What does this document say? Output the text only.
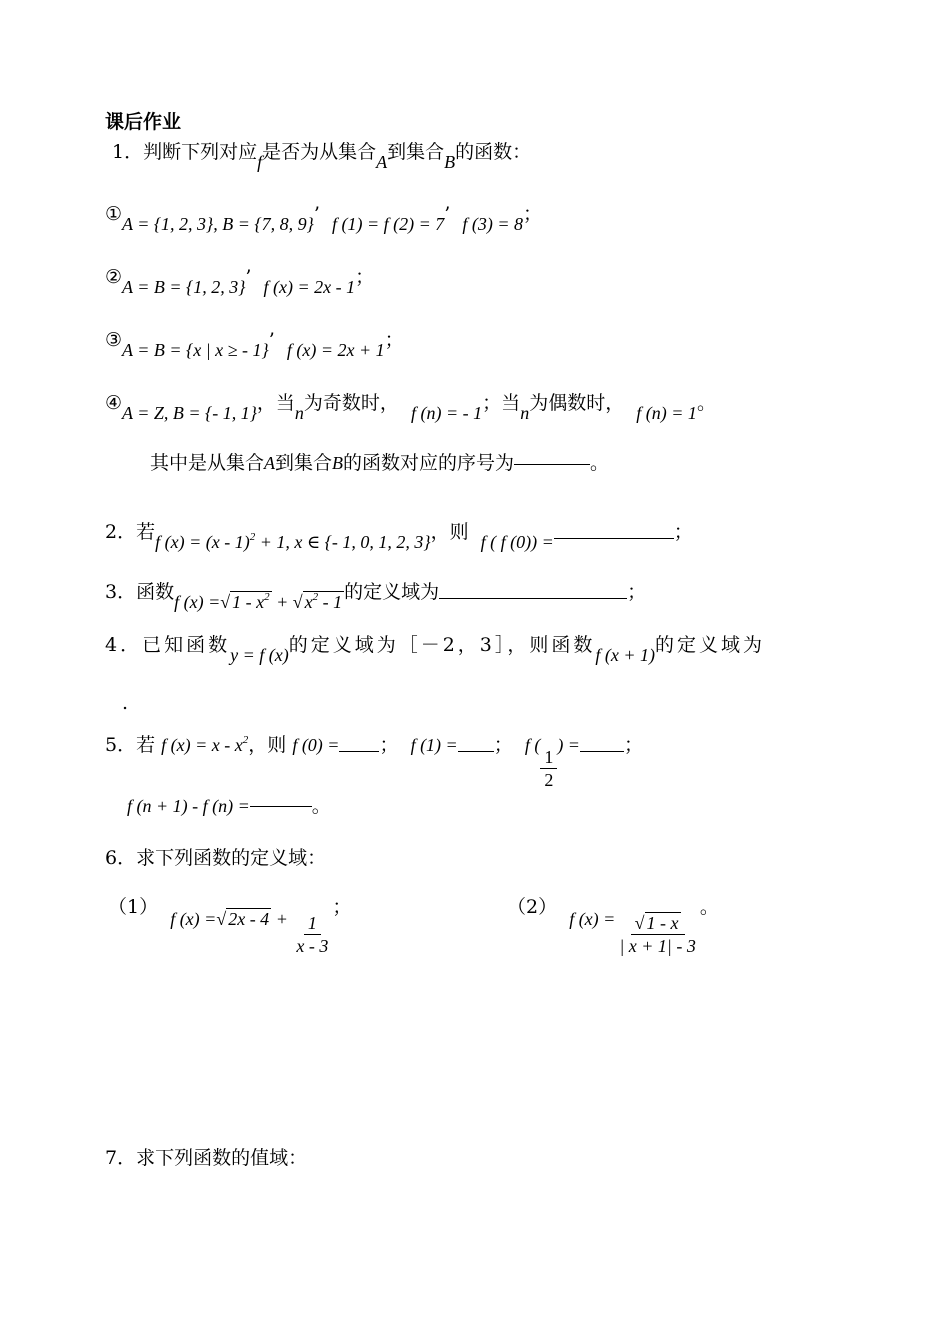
课后作业
1．判断下列对应f是否为从集合A到集合B的函数：
①A = {1, 2, 3}, B = {7, 8, 9}’ f (1) = f (2) = 7’ f (3) = 8；
②A = B = {1, 2, 3}’ f (x) = 2x - 1；
③A = B = {x | x ≥ - 1}’ f (x) = 2x + 1；
④A = Z, B = {- 1, 1}，当n为奇数时， f (n) = - 1；当n为偶数时， f (n) = 1。
其中是从集合A到集合B的函数对应的序号为	。
2．若f (x) = (x - 1)$^2$ + 1, x ∈ {- 1, 0, 1, 2, 3}，则 f ( f (0)) =	；
3．函数f (x) =√ $1 - x^2$ + √ $x^2 - 1$ 的定义域为	；
4．已知函数y = f (x)的定义域为［－2，3］，则函数f (x + 1)的定义域为
.
5．若 f $(x) = x - x^2$，则 f (0) = ； f (1) = ； f (
$\frac{1}{2}$
) = ；
f (n + 1) - f (n) =	。
6．求下列函数的定义域：
（1）  f (x) =√ $2x - 4 + \frac{1}{x - 3}$
；	（2）  f $(x) = \frac{√ 1 - x}{| x + 1| - 3}$
。
7．求下列函数的值域：
